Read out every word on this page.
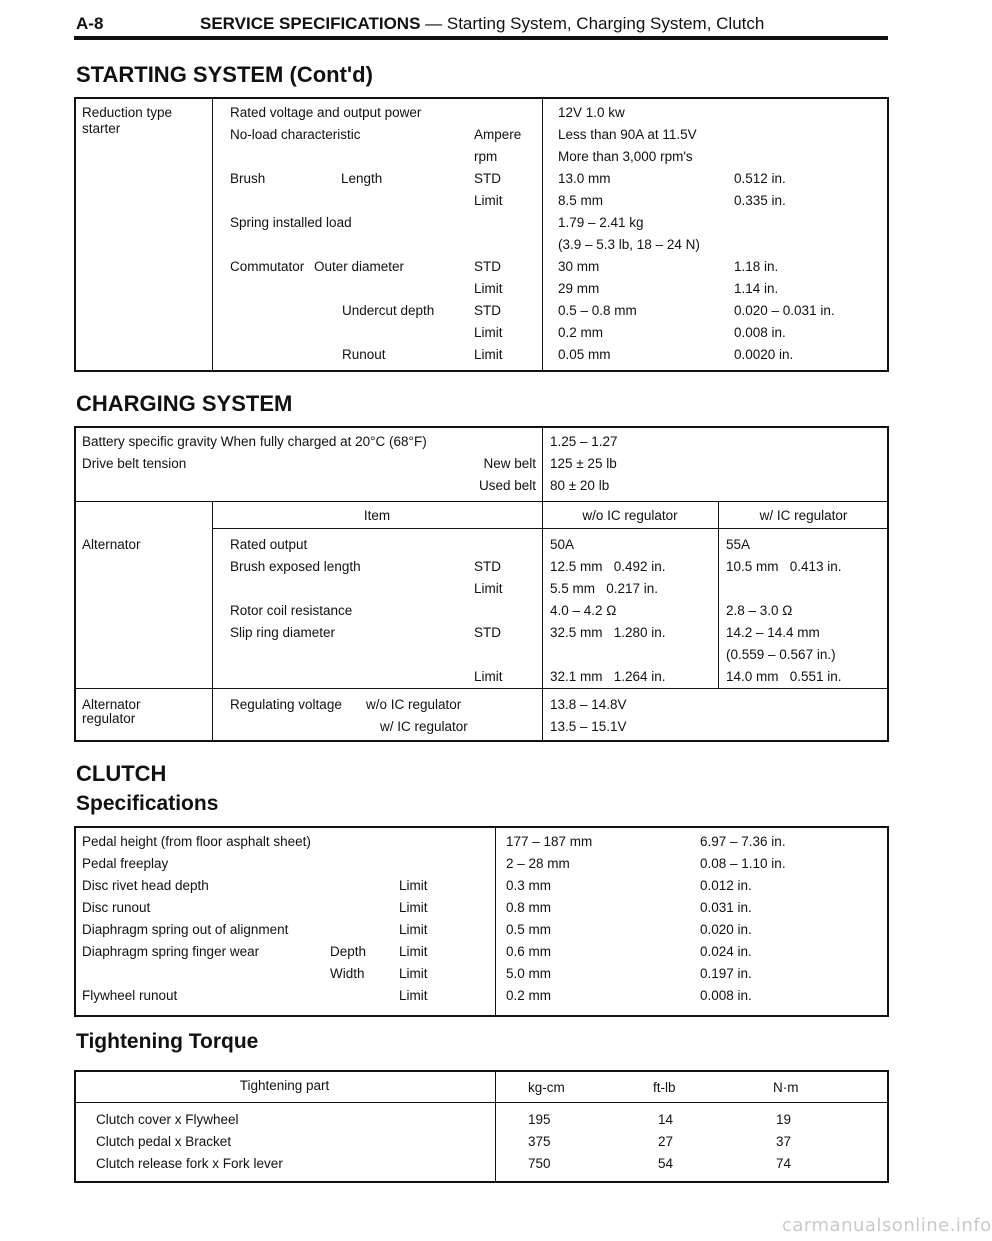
A-8	SERVICE SPECIFICATIONS — Starting System, Charging System, Clutch
STARTING SYSTEM (Cont'd)
Reduction type
starter
Rated voltage and output power	12V 1.0 kw
No-load characteristic	Ampere	Less than 90A at 11.5V
rpm	More than 3,000 rpm's
Brush	Length	STD	13.0 mm	0.512 in.
Limit	8.5 mm	0.335 in.
Spring installed load	1.79 – 2.41 kg
(3.9 – 5.3 lb, 18 – 24 N)
Commutator Outer diameter	STD	30 mm	1.18 in.
Limit	29 mm	1.14 in.
Undercut depth	STD	0.5 – 0.8 mm	0.020 – 0.031 in.
Limit	0.2 mm	0.008 in.
Runout	Limit	0.05 mm	0.0020 in.
CHARGING SYSTEM
Battery specific gravity When fully charged at 20°C (68°F)	1.25 – 1.27
Drive belt tension	New belt 125 ± 25 lb
Used belt 80 ± 20 lb
Item	w/o IC regulator	w/ IC regulator
Alternator	Rated output	50A	55A
Brush exposed length	STD	12.5 mm   0.492 in.	10.5 mm   0.413 in.
Limit	5.5 mm   0.217 in.
Rotor coil resistance	4.0 – 4.2 Ω	2.8 – 3.0 Ω
Slip ring diameter	STD	32.5 mm   1.280 in.	14.2 – 14.4 mm
(0.559 – 0.567 in.)
Limit	32.1 mm   1.264 in.	14.0 mm   0.551 in.
Alternator
regulator
Regulating voltage w/o IC regulator	13.8 – 14.8V
w/ IC regulator	13.5 – 15.1V
CLUTCH
Specifications
Pedal height (from floor asphalt sheet)	177 – 187 mm	6.97 – 7.36 in.
Pedal freeplay	2 – 28 mm	0.08 – 1.10 in.
Disc rivet head depth	Limit	0.3 mm	0.012 in.
Disc runout	Limit	0.8 mm	0.031 in.
Diaphragm spring out of alignment	Limit	0.5 mm	0.020 in.
Diaphragm spring finger wear	Depth Limit	0.6 mm	0.024 in.
Width	Limit	5.0 mm	0.197 in.
Flywheel runout	Limit	0.2 mm	0.008 in.
Tightening Torque
Tightening part	kg-cm	ft-lb	N·m
Clutch cover x Flywheel	195	14	19
Clutch pedal x Bracket	375	27	37
Clutch release fork x Fork lever	750	54	74
carmanualsonline.info
